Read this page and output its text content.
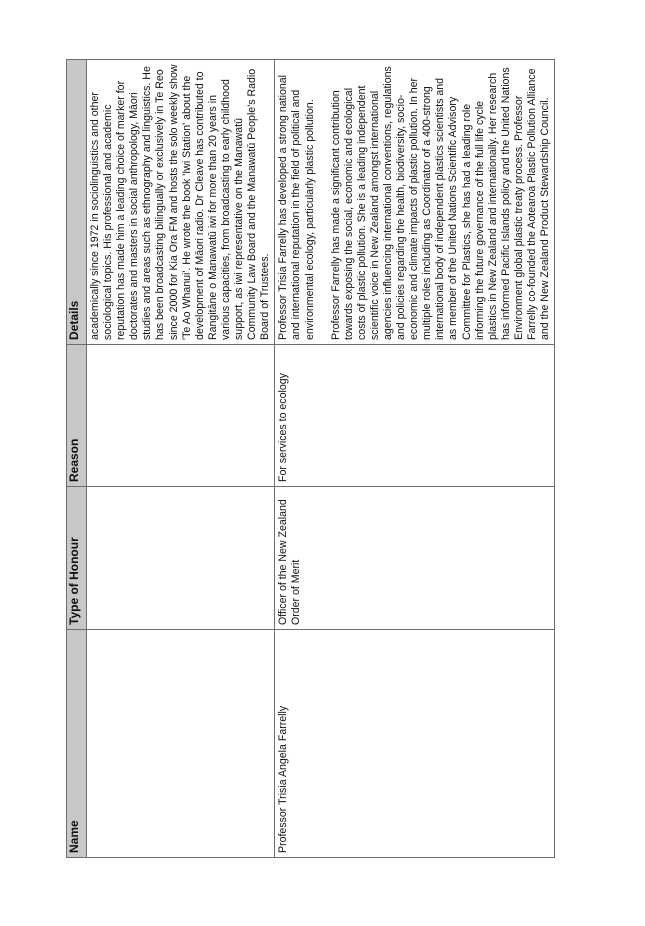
Name	Type of Honour	Reason	Details

			academically since 1972 in sociolinguistics and other sociological topics. His professional and academic reputation has made him a leading choice of marker for doctorates and masters in social anthropology, Māori studies and areas such as ethnography and linguistics. He has been broadcasting bilingually or exclusively in Te Reo since 2000 for Kia Ora FM and hosts the solo weekly show 'Te Ao Whanui'. He wrote the book 'Iwi Station' about the development of Māori radio. Dr Cleave has contributed to Rangitāne o Manawatū iwi for more than 20 years in various capacities, from broadcasting to early childhood support, as iwi representative on the Manawatū Community Law Board and the Manawatū People's Radio Board of Trustees.

Professor Trisia Angela Farrelly	Officer of the New Zealand Order of Merit	For services to ecology	Professor Trisia Farrelly has developed a strong national and international reputation in the field of political and environmental ecology, particularly plastic pollution. Professor Farrelly has made a significant contribution towards exposing the social, economic and ecological costs of plastic pollution. She is a leading independent scientific voice in New Zealand amongst international agencies influencing international conventions, regulations and policies regarding the health, biodiversity, socio-economic and climate impacts of plastic pollution. In her multiple roles including as Coordinator of a 400-strong international body of independent plastics scientists and as member of the United Nations Scientific Advisory Committee for Plastics, she has had a leading role informing the future governance of the full life cycle plastics in New Zealand and internationally. Her research has informed Pacific Islands policy and the United Nations Environment global plastic treaty process. Professor Farrelly co-founded the Aotearoa Plastic Pollution Alliance and the New Zealand Product Stewardship Council.
